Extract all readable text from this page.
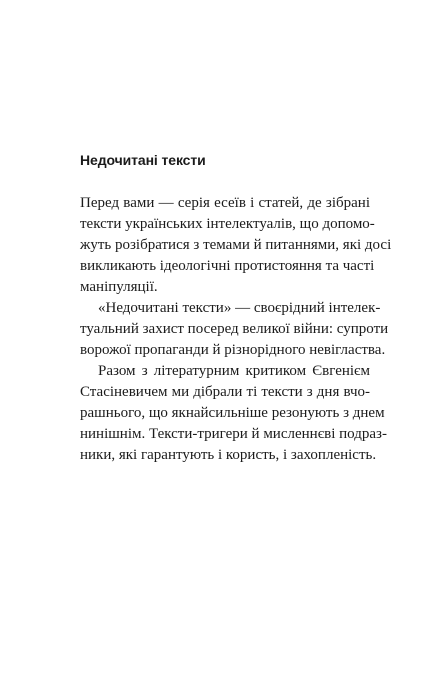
Недочитані тексти
Перед вами — серія есеїв і статей, де зібрані
тексти українських інтелектуалів, що допомо-
жуть розібратися з темами й питаннями, які досі
викликають ідеологічні протистояння та часті
маніпуляції.
«Недочитані тексти» — своєрідний інтелек-
туальний захист посеред великої війни: супроти
ворожої пропаганди й різнорідного невігластва.
Разом з літературним критиком Євгенієм
Стасіневичем ми дібрали ті тексти з дня вчо-
рашнього, що якнайсильніше резонують з днем
нинішнім. Тексти-тригери й мисленнєві подраз-
ники, які гарантують і користь, і захопленість.
